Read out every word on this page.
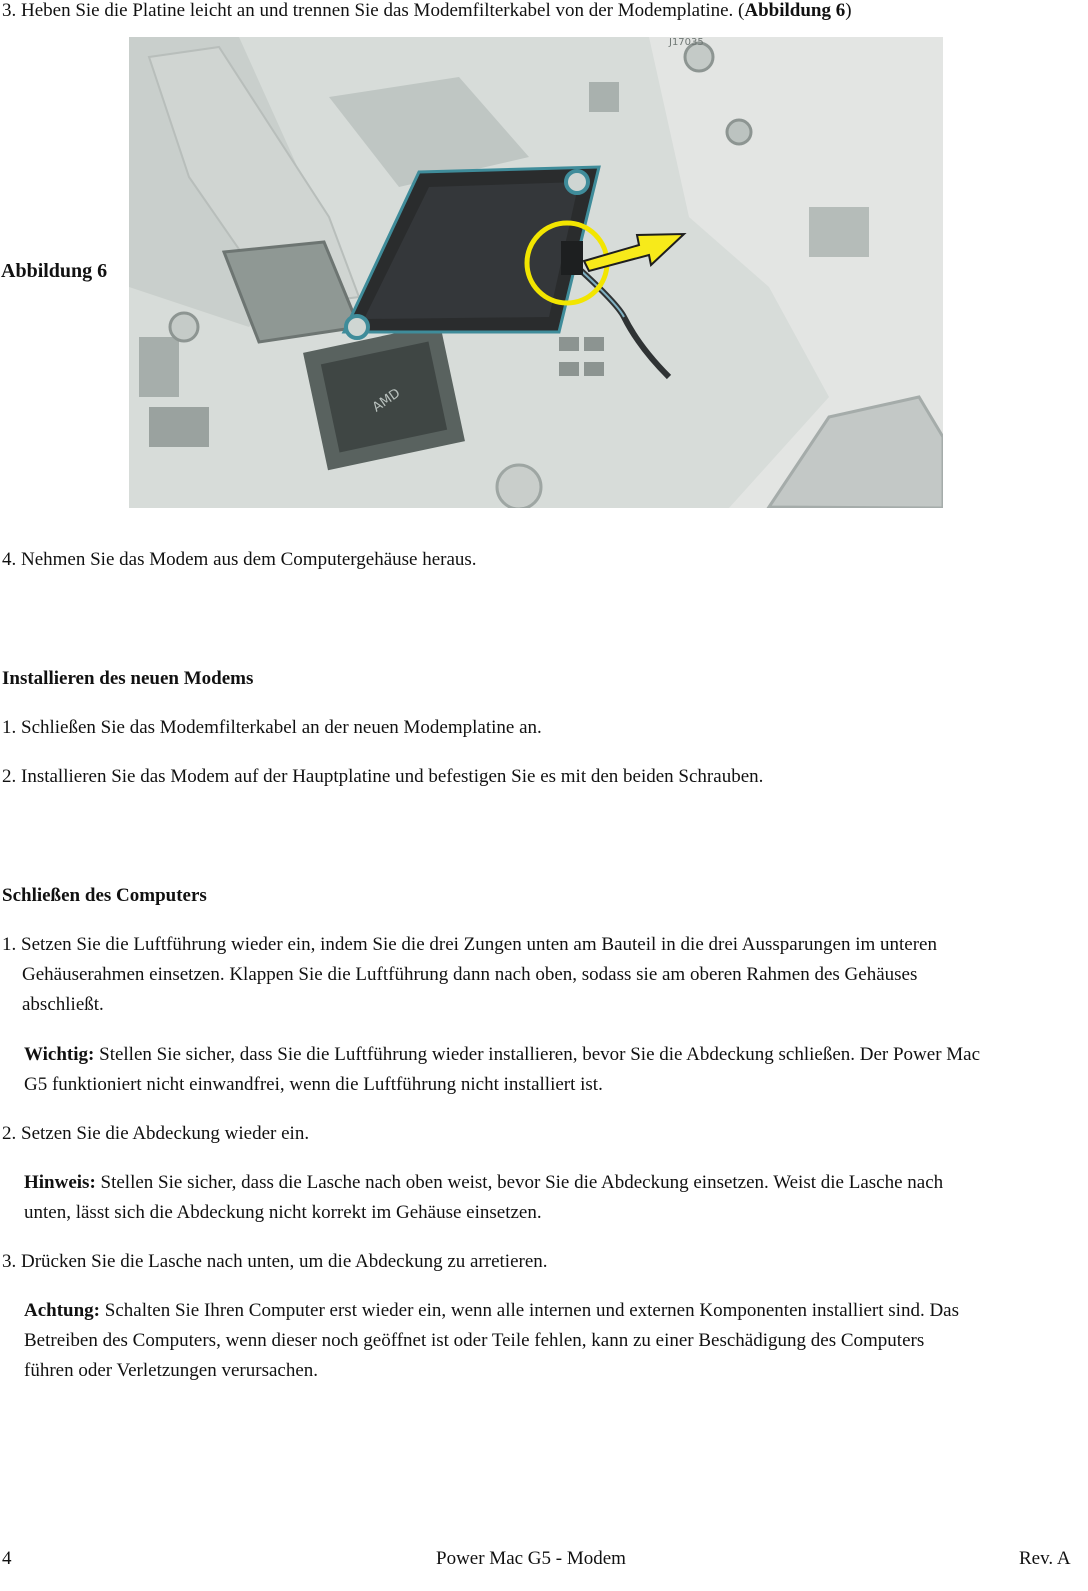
3. Heben Sie die Platine leicht an und trennen Sie das Modemfilterkabel von der Modemplatine. (Abbildung 6)
Abbildung 6
AMD
J17035
4. Nehmen Sie das Modem aus dem Computergehäuse heraus.
Installieren des neuen Modems
1. Schließen Sie das Modemfilterkabel an der neuen Modemplatine an.
2. Installieren Sie das Modem auf der Hauptplatine und befestigen Sie es mit den beiden Schrauben.
Schließen des Computers
1. Setzen Sie die Luftführung wieder ein, indem Sie die drei Zungen unten am Bauteil in die drei Aussparungen im unteren
Gehäuserahmen einsetzen. Klappen Sie die Luftführung dann nach oben, sodass sie am oberen Rahmen des Gehäuses
abschließt.
Wichtig: Stellen Sie sicher, dass Sie die Luftführung wieder installieren, bevor Sie die Abdeckung schließen. Der Power Mac
G5 funktioniert nicht einwandfrei, wenn die Luftführung nicht installiert ist.
2. Setzen Sie die Abdeckung wieder ein.
Hinweis: Stellen Sie sicher, dass die Lasche nach oben weist, bevor Sie die Abdeckung einsetzen. Weist die Lasche nach
unten, lässt sich die Abdeckung nicht korrekt im Gehäuse einsetzen.
3. Drücken Sie die Lasche nach unten, um die Abdeckung zu arretieren.
Achtung: Schalten Sie Ihren Computer erst wieder ein, wenn alle internen und externen Komponenten installiert sind. Das
Betreiben des Computers, wenn dieser noch geöffnet ist oder Teile fehlen, kann zu einer Beschädigung des Computers
führen oder Verletzungen verursachen.
4	Power Mac G5 - Modem	Rev. A
